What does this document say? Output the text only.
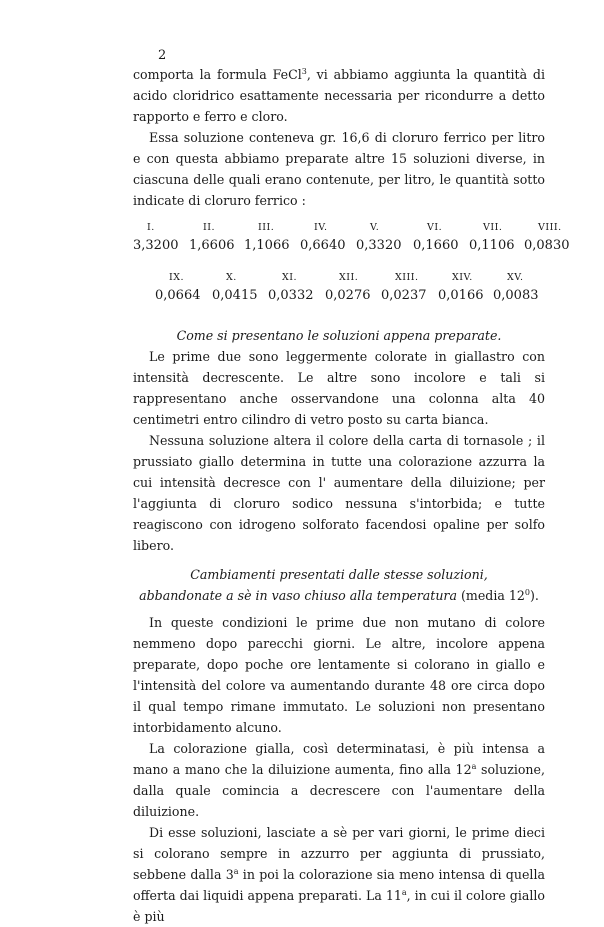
2

comporta la formula FeCl$^3$, vi abbiamo aggiunta la quantità di acido cloridrico esattamente necessaria per ricondurre a detto rapporto e ferro e cloro.

Essa soluzione conteneva gr. 16,6 di cloruro ferrico per litro e con questa abbiamo preparate altre 15 soluzioni diverse, in ciascuna delle quali erano contenute, per litro, le quantità sotto indicate di cloruro ferrico :

I.
3,3200
II.
1,6606
III.
1,1066
IV.
0,6640
V.
0,3320
VI.
0,1660
VII.
0,1106
VIII.
0,0830
IX.
0,0664
X.
0,0415
XI.
0,0332
XII.
0,0276
XIII.
0,0237
XIV.
0,0166
XV.
0,0083

Come si presentano le soluzioni appena preparate.

Le prime due sono leggermente colorate in giallastro con intensità decrescente. Le altre sono incolore e tali si rappresentano anche osservandone una colonna alta 40 centimetri entro cilindro di vetro posto su carta bianca.

Nessuna soluzione altera il colore della carta di tornasole ; il prussiato giallo determina in tutte una colorazione azzurra la cui intensità decresce con l' aumentare della diluizione; per l'aggiunta di cloruro sodico nessuna s'intorbida; e tutte reagiscono con idrogeno solforato facendosi opaline per solfo libero.

Cambiamenti presentati dalle stesse soluzioni,

abbandonate a sè in vaso chiuso alla temperatura (media $12^0$).

In queste condizioni le prime due non mutano di colore nemmeno dopo parecchi giorni. Le altre, incolore appena preparate, dopo poche ore lentamente si colorano in giallo e l'intensità del colore va aumentando durante 48 ore circa dopo il qual tempo rimane immutato. Le soluzioni non presentano intorbidamento alcuno.

La colorazione gialla, così determinatasi, è più intensa a mano a mano che la diluizione aumenta, fino alla 12$^a$ soluzione, dalla quale comincia a decrescere con l'aumentare della diluizione.

Di esse soluzioni, lasciate a sè per vari giorni, le prime dieci si colorano sempre in azzurro per aggiunta di prussiato, sebbene dalla 3$^a$ in poi la colorazione sia meno intensa di quella offerta dai liquidi appena preparati. La 11$^a$, in cui il colore giallo è più
